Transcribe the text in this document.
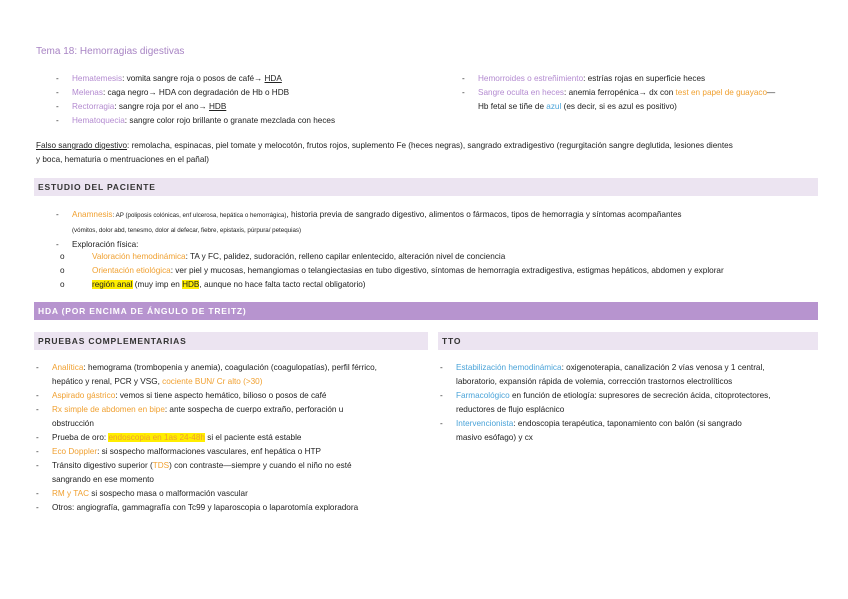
Tema 18: Hemorragias digestivas
- Hematemesis: vomita sangre roja o posos de café→ HDA
- Melenas: caga negro→ HDA con degradación de Hb o HDB
- Rectorragia: sangre roja por el ano→ HDB
- Hematoquecia: sangre color rojo brillante o granate mezclada con heces
- Hemorroides o estreñimiento: estrías rojas en superficie heces
- Sangre oculta en heces: anemia ferropénica→ dx con test en papel de guayaco—
Hb fetal se tiñe de azul (es decir, si es azul es positivo)
Falso sangrado digestivo: remolacha, espinacas, piel tomate y melocotón, frutos rojos, suplemento Fe (heces negras), sangrado extradigestivo (regurgitación sangre deglutida, lesiones dientes
y boca, hematuria o mentruaciones en el pañal)
ESTUDIO DEL PACIENTE
- Anamnesis: AP (poliposis colónicas, enf ulcerosa, hepática o hemorrágica), historia previa de sangrado digestivo, alimentos o fármacos, tipos de hemorragia y síntomas acompañantes
(vómitos, dolor abd, tenesmo, dolor al defecar, fiebre, epistaxis, púrpura/ petequias)
- Exploración física:
o Valoración hemodinámica: TA y FC, palidez, sudoración, relleno capilar enlentecido, alteración nivel de conciencia
o Orientación etiológica: ver piel y mucosas, hemangiomas o telangiectasias en tubo digestivo, síntomas de hemorragia extradigestiva, estigmas hepáticos, abdomen y explorar
o región anal (muy imp en HDB, aunque no hace falta tacto rectal obligatorio)
HDA (POR ENCIMA DE ÁNGULO DE TREITZ)
PRUEBAS COMPLEMENTARIAS	TTO
- Analítica: hemograma (trombopenia y anemia), coagulación (coagulopatías), perfil férrico,
hepático y renal, PCR y VSG, cociente BUN/ Cr alto (>30)
- Aspirado gástrico: vemos si tiene aspecto hemático, bilioso o posos de café
- Rx simple de abdomen en bipe: ante sospecha de cuerpo extraño, perforación u
obstrucción
- Prueba de oro: endoscopia en 1as 24-48h si el paciente está estable
- Eco Doppler: si sospecho malformaciones vasculares, enf hepática o HTP
- Tránsito digestivo superior (TDS) con contraste—siempre y cuando el niño no esté
sangrando en ese momento
- RM y TAC si sospecho masa o malformación vascular
- Otros: angiografía, gammagrafía con Tc99 y laparoscopia o laparotomía exploradora
- Estabilización hemodinámica: oxigenoterapia, canalización 2 vías venosa y 1 central,
laboratorio, expansión rápida de volemia, corrección trastornos electrolíticos
- Farmacológico en función de etiología: supresores de secreción ácida, citoprotectores,
reductores de flujo esplácnico
- Intervencionista: endoscopia terapéutica, taponamiento con balón (si sangrado
masivo esófago) y cx
